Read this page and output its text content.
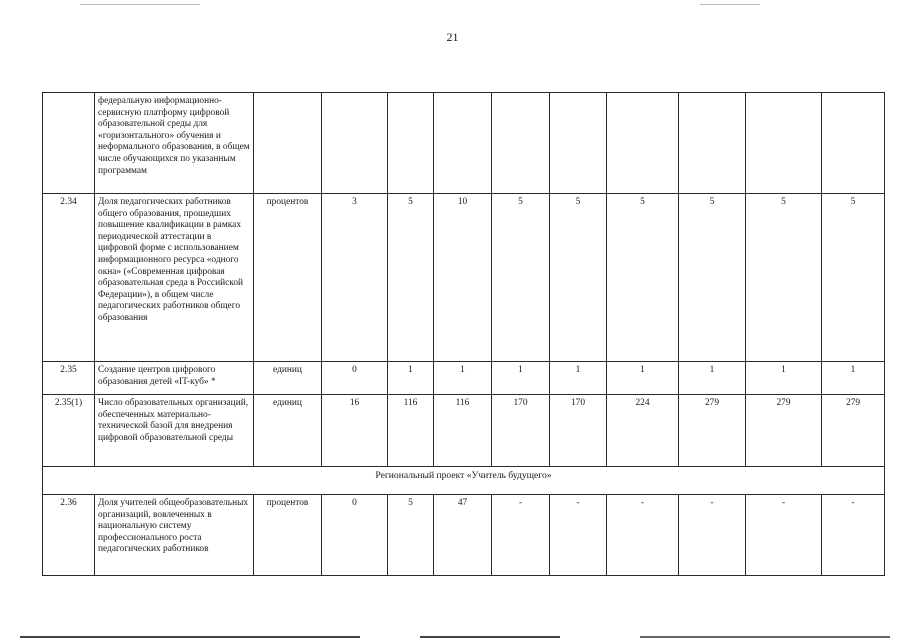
21
	федеральную информационно-сервисную платформу цифровой образовательной среды для «горизонтального» обучения и неформального образования, в общем числе обучающихся по указанным программам										
2.34	Доля педагогических работников общего образования, прошедших повышение квалификации в рамках периодической аттестации в цифровой форме с использованием информационного ресурса «одного окна» («Современная цифровая образовательная среда в Российской Федерации»), в общем числе педагогических работников общего образования	процентов	3	5	10	5	5	5	5	5	5
2.35	Создание центров цифрового образования детей «IT-куб» *	единиц	0	1	1	1	1	1	1	1	1
2.35(1)	Число образовательных организаций, обеспеченных материально-технической базой для внедрения цифровой образовательной среды	единиц	16	116	116	170	170	224	279	279	279
Региональный проект «Учитель будущего»											
2.36	Доля учителей общеобразовательных организаций, вовлеченных в национальную систему профессионального роста педагогических работников	процентов	0	5	47	-	-	-	-	-	-
